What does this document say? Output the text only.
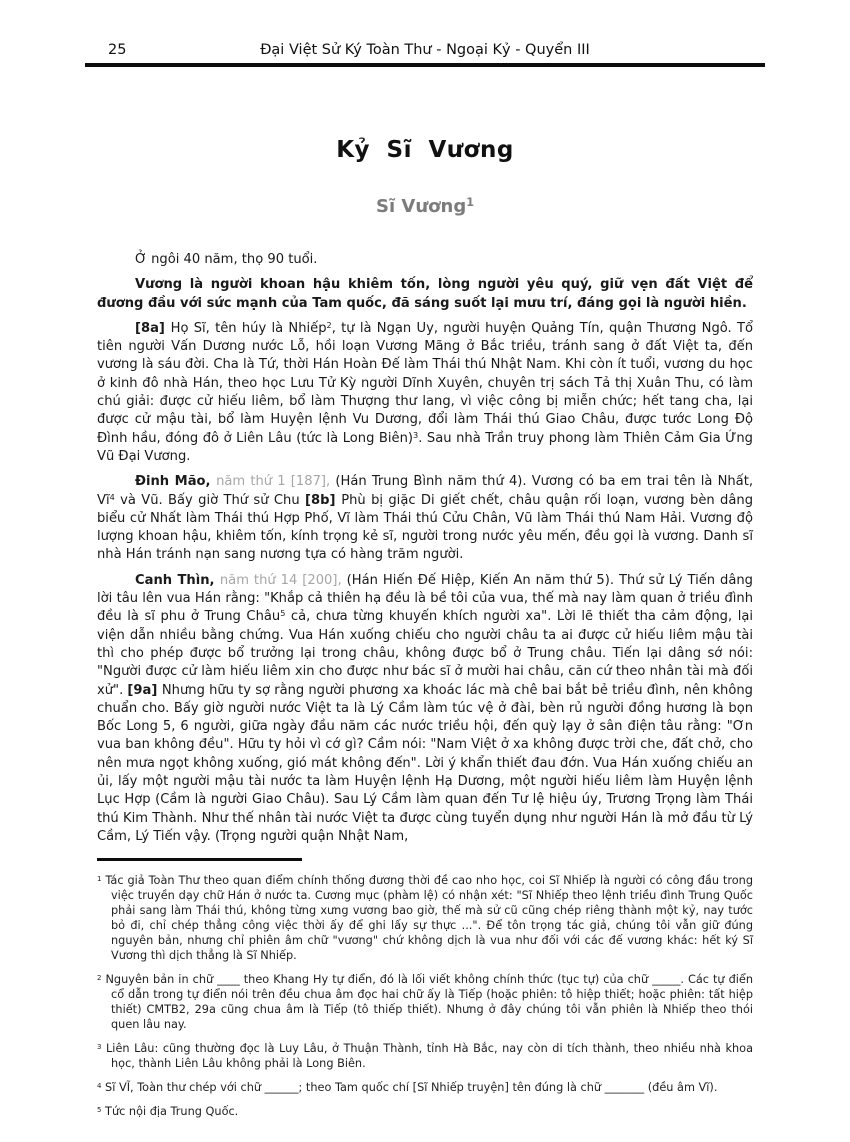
25	Đại Việt Sử Ký Toàn Thư - Ngoại Kỷ - Quyển III
Kỷ Sĩ Vương
Sĩ Vương$^1$

Ở ngôi 40 năm, thọ 90 tuổi.

Vương là người khoan hậu khiêm tốn, lòng người yêu quý, giữ vẹn đất Việt để đương đầu với sức mạnh của Tam quốc, đã sáng suốt lại mưu trí, đáng gọi là người hiền.

[8a] Họ Sĩ, tên húy là Nhiếp$^2$, tự là Ngạn Uy, người huyện Quảng Tín, quận Thương Ngô. Tổ tiên người Vấn Dương nước Lỗ, hồi loạn Vương Mãng ở Bắc triều, tránh sang ở đất Việt ta, đến vương là sáu đời. Cha là Tứ, thời Hán Hoàn Đế làm Thái thú Nhật Nam. Khi còn ít tuổi, vương du học ở kinh đô nhà Hán, theo học Lưu Tử Kỳ người Dĩnh Xuyên, chuyên trị sách Tả thị Xuân Thu, có làm chú giải: được cử hiếu liêm, bổ làm Thượng thư lang, vì việc công bị miễn chức; hết tang cha, lại được cử mậu tài, bổ làm Huyện lệnh Vu Dương, đổi làm Thái thú Giao Châu, được tước Long Độ Đình hầu, đóng đô ở Liên Lâu (tức là Long Biên)$^3$. Sau nhà Trần truy phong làm Thiên Cảm Gia Ứng Vũ Đại Vương.

Đinh Mão, năm thứ 1 [187], (Hán Trung Bình năm thứ 4). Vương có ba em trai tên là Nhất, $Vĩ^4$ và Vũ. Bấy giờ Thứ sử Chu [8b] Phù bị giặc Di giết chết, châu quận rối loạn, vương bèn dâng biểu cử Nhất làm Thái thú Hợp Phố, Vĩ làm Thái thú Cửu Chân, Vũ làm Thái thú Nam Hải. Vương độ lượng khoan hậu, khiêm tốn, kính trọng kẻ sĩ, người trong nước yêu mến, đều gọi là vương. Danh sĩ nhà Hán tránh nạn sang nương tựa có hàng trăm người.

Canh Thìn, năm thứ 14 [200], (Hán Hiến Đế Hiệp, Kiến An năm thứ 5). Thứ sử Lý Tiến dâng lời tâu lên vua Hán rằng: "Khắp cả thiên hạ đều là bề tôi của vua, thế mà nay làm quan ở triều đình đều là sĩ phu ở Trung Châu$^5$ cả, chưa từng khuyến khích người xa". Lời lẽ thiết tha cảm động, lại viện dẫn nhiều bằng chứng. Vua Hán xuống chiếu cho người châu ta ai được cử hiếu liêm mậu tài thì cho phép được bổ trưởng lại trong châu, không được bổ ở Trung châu. Tiến lại dâng sớ nói: "Người được cử làm hiếu liêm xin cho được như bác sĩ ở mười hai châu, căn cứ theo nhân tài mà đối xử". [9a] Nhưng hữu ty sợ rằng người phương xa khoác lác mà chê bai bắt bẻ triều đình, nên không chuẩn cho. Bấy giờ người nước Việt ta là Lý Cầm làm túc vệ ở đài, bèn rủ người đồng hương là bọn Bốc Long 5, 6 người, giữa ngày đầu năm các nước triều hội, đến quỳ lạy ở sân điện tâu rằng: "Ơn vua ban không đều". Hữu ty hỏi vì cớ gì? Cầm nói: "Nam Việt ở xa không được trời che, đất chở, cho nên mưa ngọt không xuống, gió mát không đến". Lời ý khẩn thiết đau đớn. Vua Hán xuống chiếu an ủi, lấy một người mậu tài nước ta làm Huyện lệnh Hạ Dương, một người hiếu liêm làm Huyện lệnh Lục Hợp (Cầm là người Giao Châu). Sau Lý Cầm làm quan đến Tư lệ hiệu úy, Trương Trọng làm Thái thú Kim Thành. Như thế nhân tài nước Việt ta được cùng tuyển dụng như người Hán là mở đầu từ Lý Cầm, Lý Tiến vậy. (Trọng người quận Nhật Nam,

$^1$ Tác giả Toàn Thư theo quan điểm chính thống đương thời đề cao nho học, coi Sĩ Nhiếp là người có công đầu trong việc truyền dạy chữ Hán ở nước ta. Cương mục (phàm lệ) có nhận xét: "Sĩ Nhiếp theo lệnh triều đình Trung Quốc phải sang làm Thái thú, không từng xưng vương bao giờ, thế mà sử cũ cũng chép riêng thành một kỷ, nay tước bỏ đi, chỉ chép thẳng công việc thời ấy để ghi lấy sự thực ...". Để tôn trọng tác giả, chúng tôi vẫn giữ đúng nguyên bản, nhưng chỉ phiên âm chữ "vương" chứ không dịch là vua như đối với các đế vương khác: hết ký Sĩ Vương thì dịch thẳng là Sĩ Nhiếp.
$^2$ Nguyên bản in chữ ____ theo Khang Hy tự điển, đó là lối viết không chính thức (tục tự) của chữ _____. Các tự điển cổ dẫn trong tự điển nói trên đều chua âm đọc hai chữ ấy là Tiếp (hoặc phiên: tô hiệp thiết; hoặc phiên: tất hiệp thiết) CMTB2, 29a cũng chua âm là Tiếp (tô thiếp thiết). Nhưng ở đây chúng tôi vẫn phiên là Nhiếp theo thói quen lâu nay.
$^3$ Liên Lâu: cũng thường đọc là Luy Lâu, ở Thuận Thành, tỉnh Hà Bắc, nay còn di tích thành, theo nhiều nhà khoa học, thành Liên Lâu không phải là Long Biên.
$^4$ Sĩ VĨ, Toàn thư chép với chữ ______; theo Tam quốc chí [Sĩ Nhiếp truyện] tên đúng là chữ _______ (đều âm Vĩ).
$^5$ Tức nội địa Trung Quốc.
